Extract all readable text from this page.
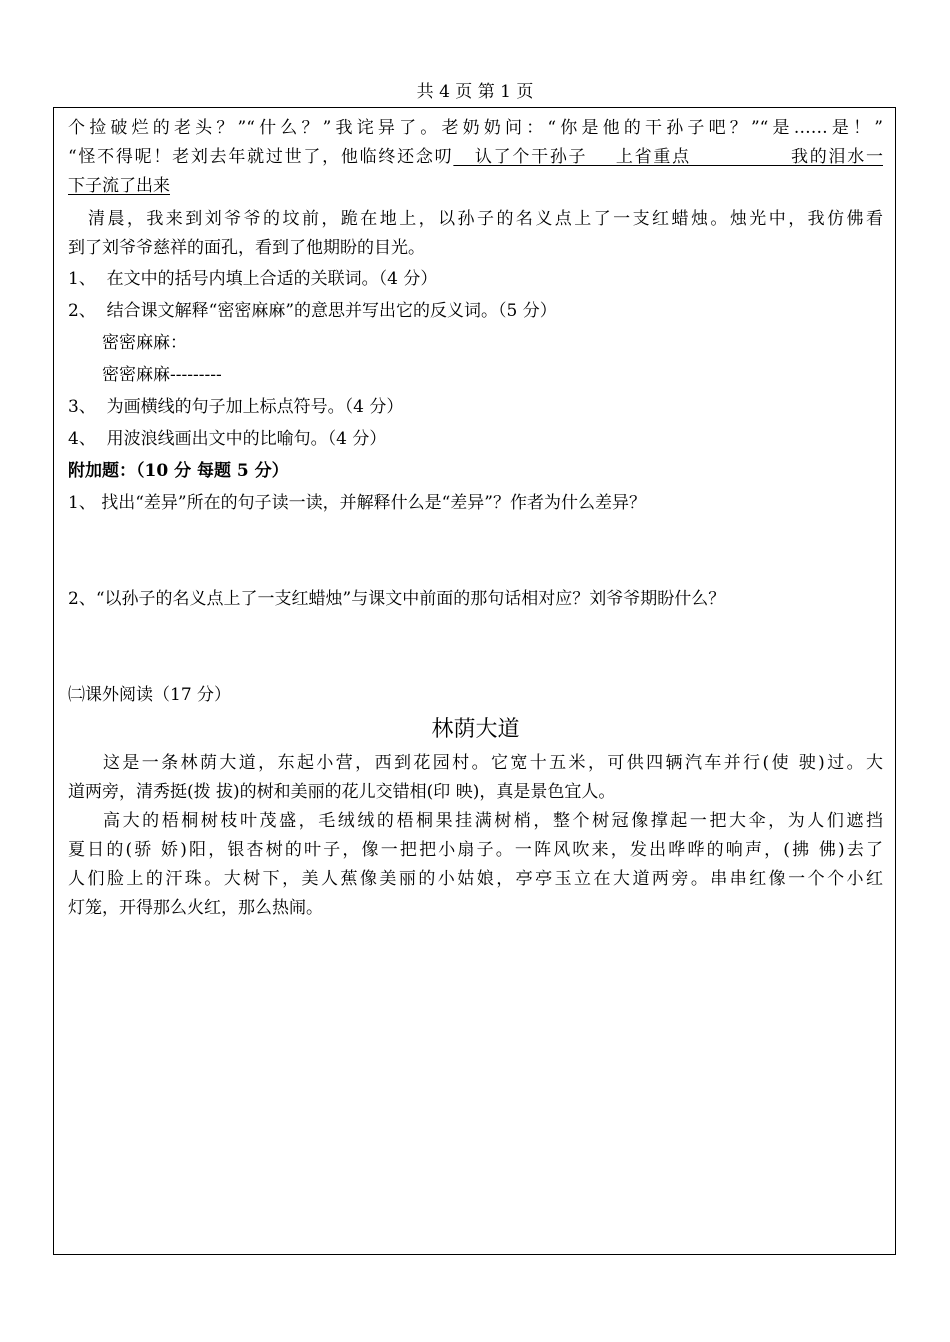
共 4 页 第 1 页
个捡破烂的老头？”“什么？”我诧异了。老奶奶问：“你是他的干孙子吧？”“是……是！”
“怪不得呢！老刘去年就过世了，他临终还念叨   认了个干孙子    上省重点              我的泪水一
下子流了出来
清晨，我来到刘爷爷的坟前，跪在地上，以孙子的名义点上了一支红蜡烛。烛光中，我仿佛看
到了刘爷爷慈祥的面孔，看到了他期盼的目光。
1、 在文中的括号内填上合适的关联词。（4 分）
2、 结合课文解释“密密麻麻”的意思并写出它的反义词。（5 分）
密密麻麻：
密密麻麻---------
3、 为画横线的句子加上标点符号。（4 分）
4、 用波浪线画出文中的比喻句。（4 分）
附加题：（10 分 每题 5 分）
1、 找出“差异”所在的句子读一读，并解释什么是“差异”？作者为什么差异？
2、“以孙子的名义点上了一支红蜡烛”与课文中前面的那句话相对应？刘爷爷期盼什么？
㈡课外阅读（17 分）
林荫大道
这是一条林荫大道，东起小营，西到花园村。它宽十五米，可供四辆汽车并行(使 驶)过。大
道两旁，清秀挺(拨 拔)的树和美丽的花儿交错相(印 映)，真是景色宜人。
高大的梧桐树枝叶茂盛，毛绒绒的梧桐果挂满树梢，整个树冠像撑起一把大伞，为人们遮挡
夏日的(骄 娇)阳，银杏树的叶子，像一把把小扇子。一阵风吹来，发出哗哗的响声，(拂 佛)去了
人们脸上的汗珠。大树下，美人蕉像美丽的小姑娘，亭亭玉立在大道两旁。串串红像一个个小红
灯笼，开得那么火红，那么热闹。
